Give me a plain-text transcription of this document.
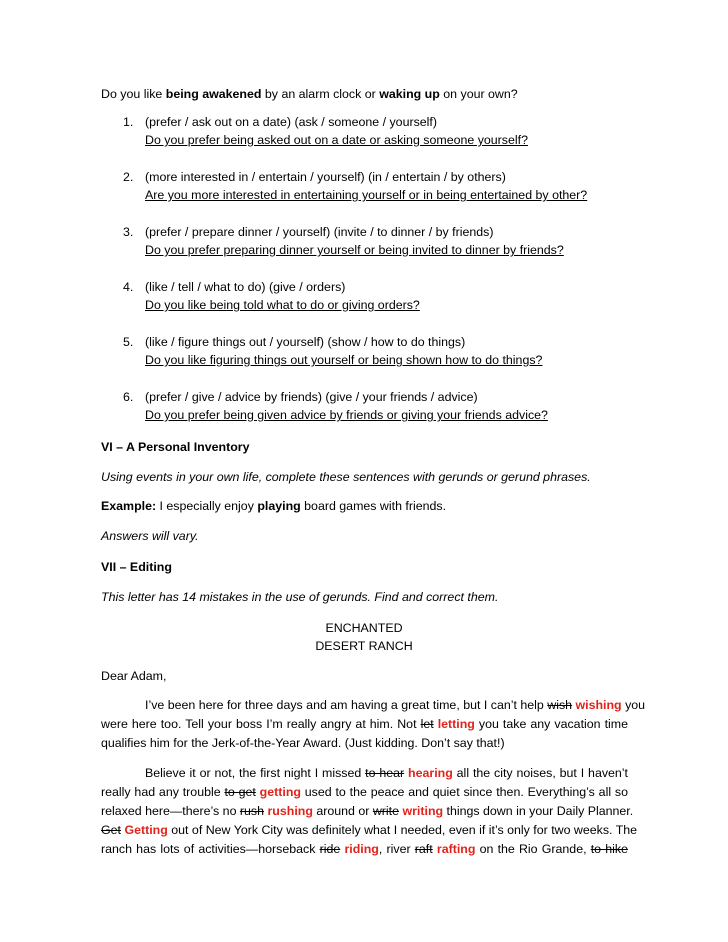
Do you like being awakened by an alarm clock or waking up on your own?
1. (prefer / ask out on a date) (ask / someone / yourself)
Do you prefer being asked out on a date or asking someone yourself?
2. (more interested in / entertain / yourself) (in / entertain / by others)
Are you more interested in entertaining yourself or in being entertained by other?
3. (prefer / prepare dinner / yourself) (invite / to dinner / by friends)
Do you prefer preparing dinner yourself or being invited to dinner by friends?
4. (like / tell / what to do) (give / orders)
Do you like being told what to do or giving orders?
5. (like / figure things out / yourself) (show / how to do things)
Do you like figuring things out yourself or being shown how to do things?
6. (prefer / give / advice by friends) (give / your friends / advice)
Do you prefer being given advice by friends or giving your friends advice?
VI – A Personal Inventory
Using events in your own life, complete these sentences with gerunds or gerund phrases.
Example: I especially enjoy playing board games with friends.
Answers will vary.
VII – Editing
This letter has 14 mistakes in the use of gerunds. Find and correct them.
ENCHANTED
DESERT RANCH
Dear Adam,
I’ve been here for three days and am having a great time, but I can’t help wish wishing you
were here too. Tell your boss I’m really angry at him. Not let letting you take any vacation time
qualifies him for the Jerk-of-the-Year Award. (Just kidding. Don’t say that!)
Believe it or not, the first night I missed to hear hearing all the city noises, but I haven’t
really had any trouble to get getting used to the peace and quiet since then. Everything’s all so
relaxed here—there’s no rush rushing around or write writing things down in your Daily Planner.
Get Getting out of New York City was definitely what I needed, even if it’s only for two weeks. The
ranch has lots of activities—horseback ride riding, river raft rafting on the Rio Grande, to hike
